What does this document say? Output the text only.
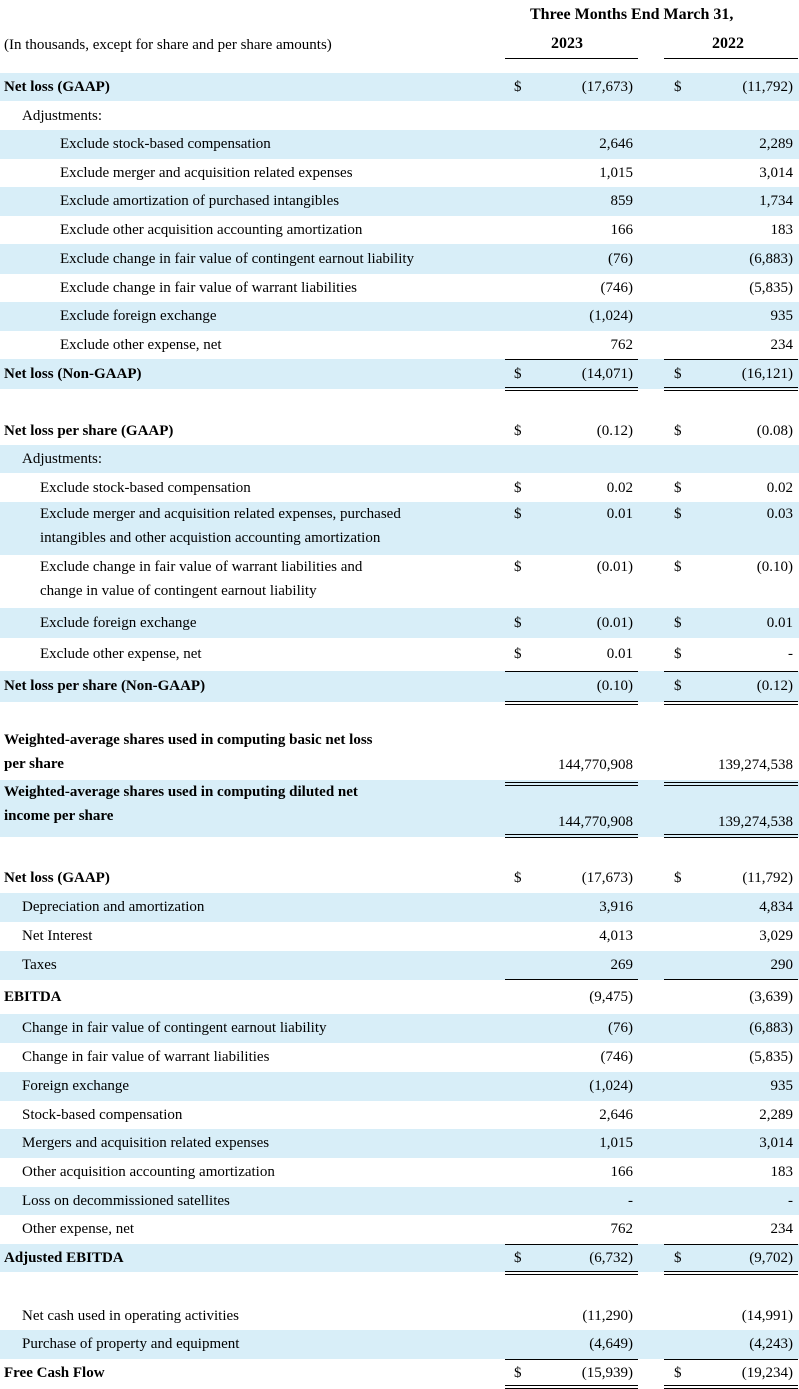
Three Months End March 31,
(In thousands, except for share and per share amounts)	2023	2022
Net loss (GAAP)	$	(17,673)	$	(11,792)
Adjustments:
Exclude stock-based compensation	2,646	2,289
Exclude merger and acquisition related expenses	1,015	3,014
Exclude amortization of purchased intangibles	859	1,734
Exclude other acquisition accounting amortization	166	183
Exclude change in fair value of contingent earnout liability	(76)	(6,883)
Exclude change in fair value of warrant liabilities	(746)	(5,835)
Exclude foreign exchange	(1,024)	935
Exclude other expense, net	762	234
Net loss (Non-GAAP)	$	(14,071)	$	(16,121)
Net loss per share (GAAP)	$	(0.12)	$	(0.08)
Adjustments:
Exclude stock-based compensation	$	0.02	$	0.02
Exclude merger and acquisition related expenses, purchased
intangibles and other acquistion accounting amortization
$	0.01	$	0.03
Exclude change in fair value of warrant liabilities and
change in value of contingent earnout liability
$	(0.01)	$	(0.10)
Exclude foreign exchange	$	(0.01)	$	0.01
Exclude other expense, net	$	0.01	$	-
Net loss per share (Non-GAAP)	(0.10)	$	(0.12)
Weighted-average shares used in computing basic net loss
per share	144,770,908	139,274,538
Weighted-average shares used in computing diluted net
income per share	144,770,908	139,274,538
Net loss (GAAP)	$	(17,673)	$	(11,792)
Depreciation and amortization	3,916	4,834
Net Interest	4,013	3,029
Taxes	269	290
EBITDA	(9,475)	(3,639)
Change in fair value of contingent earnout liability	(76)	(6,883)
Change in fair value of warrant liabilities	(746)	(5,835)
Foreign exchange	(1,024)	935
Stock-based compensation	2,646	2,289
Mergers and acquisition related expenses	1,015	3,014
Other acquisition accounting amortization	166	183
Loss on decommissioned satellites	-	-
Other expense, net	762	234
Adjusted EBITDA	$	(6,732)	$	(9,702)
Net cash used in operating activities	(11,290)	(14,991)
Purchase of property and equipment	(4,649)	(4,243)
Free Cash Flow	$	(15,939)	$	(19,234)
